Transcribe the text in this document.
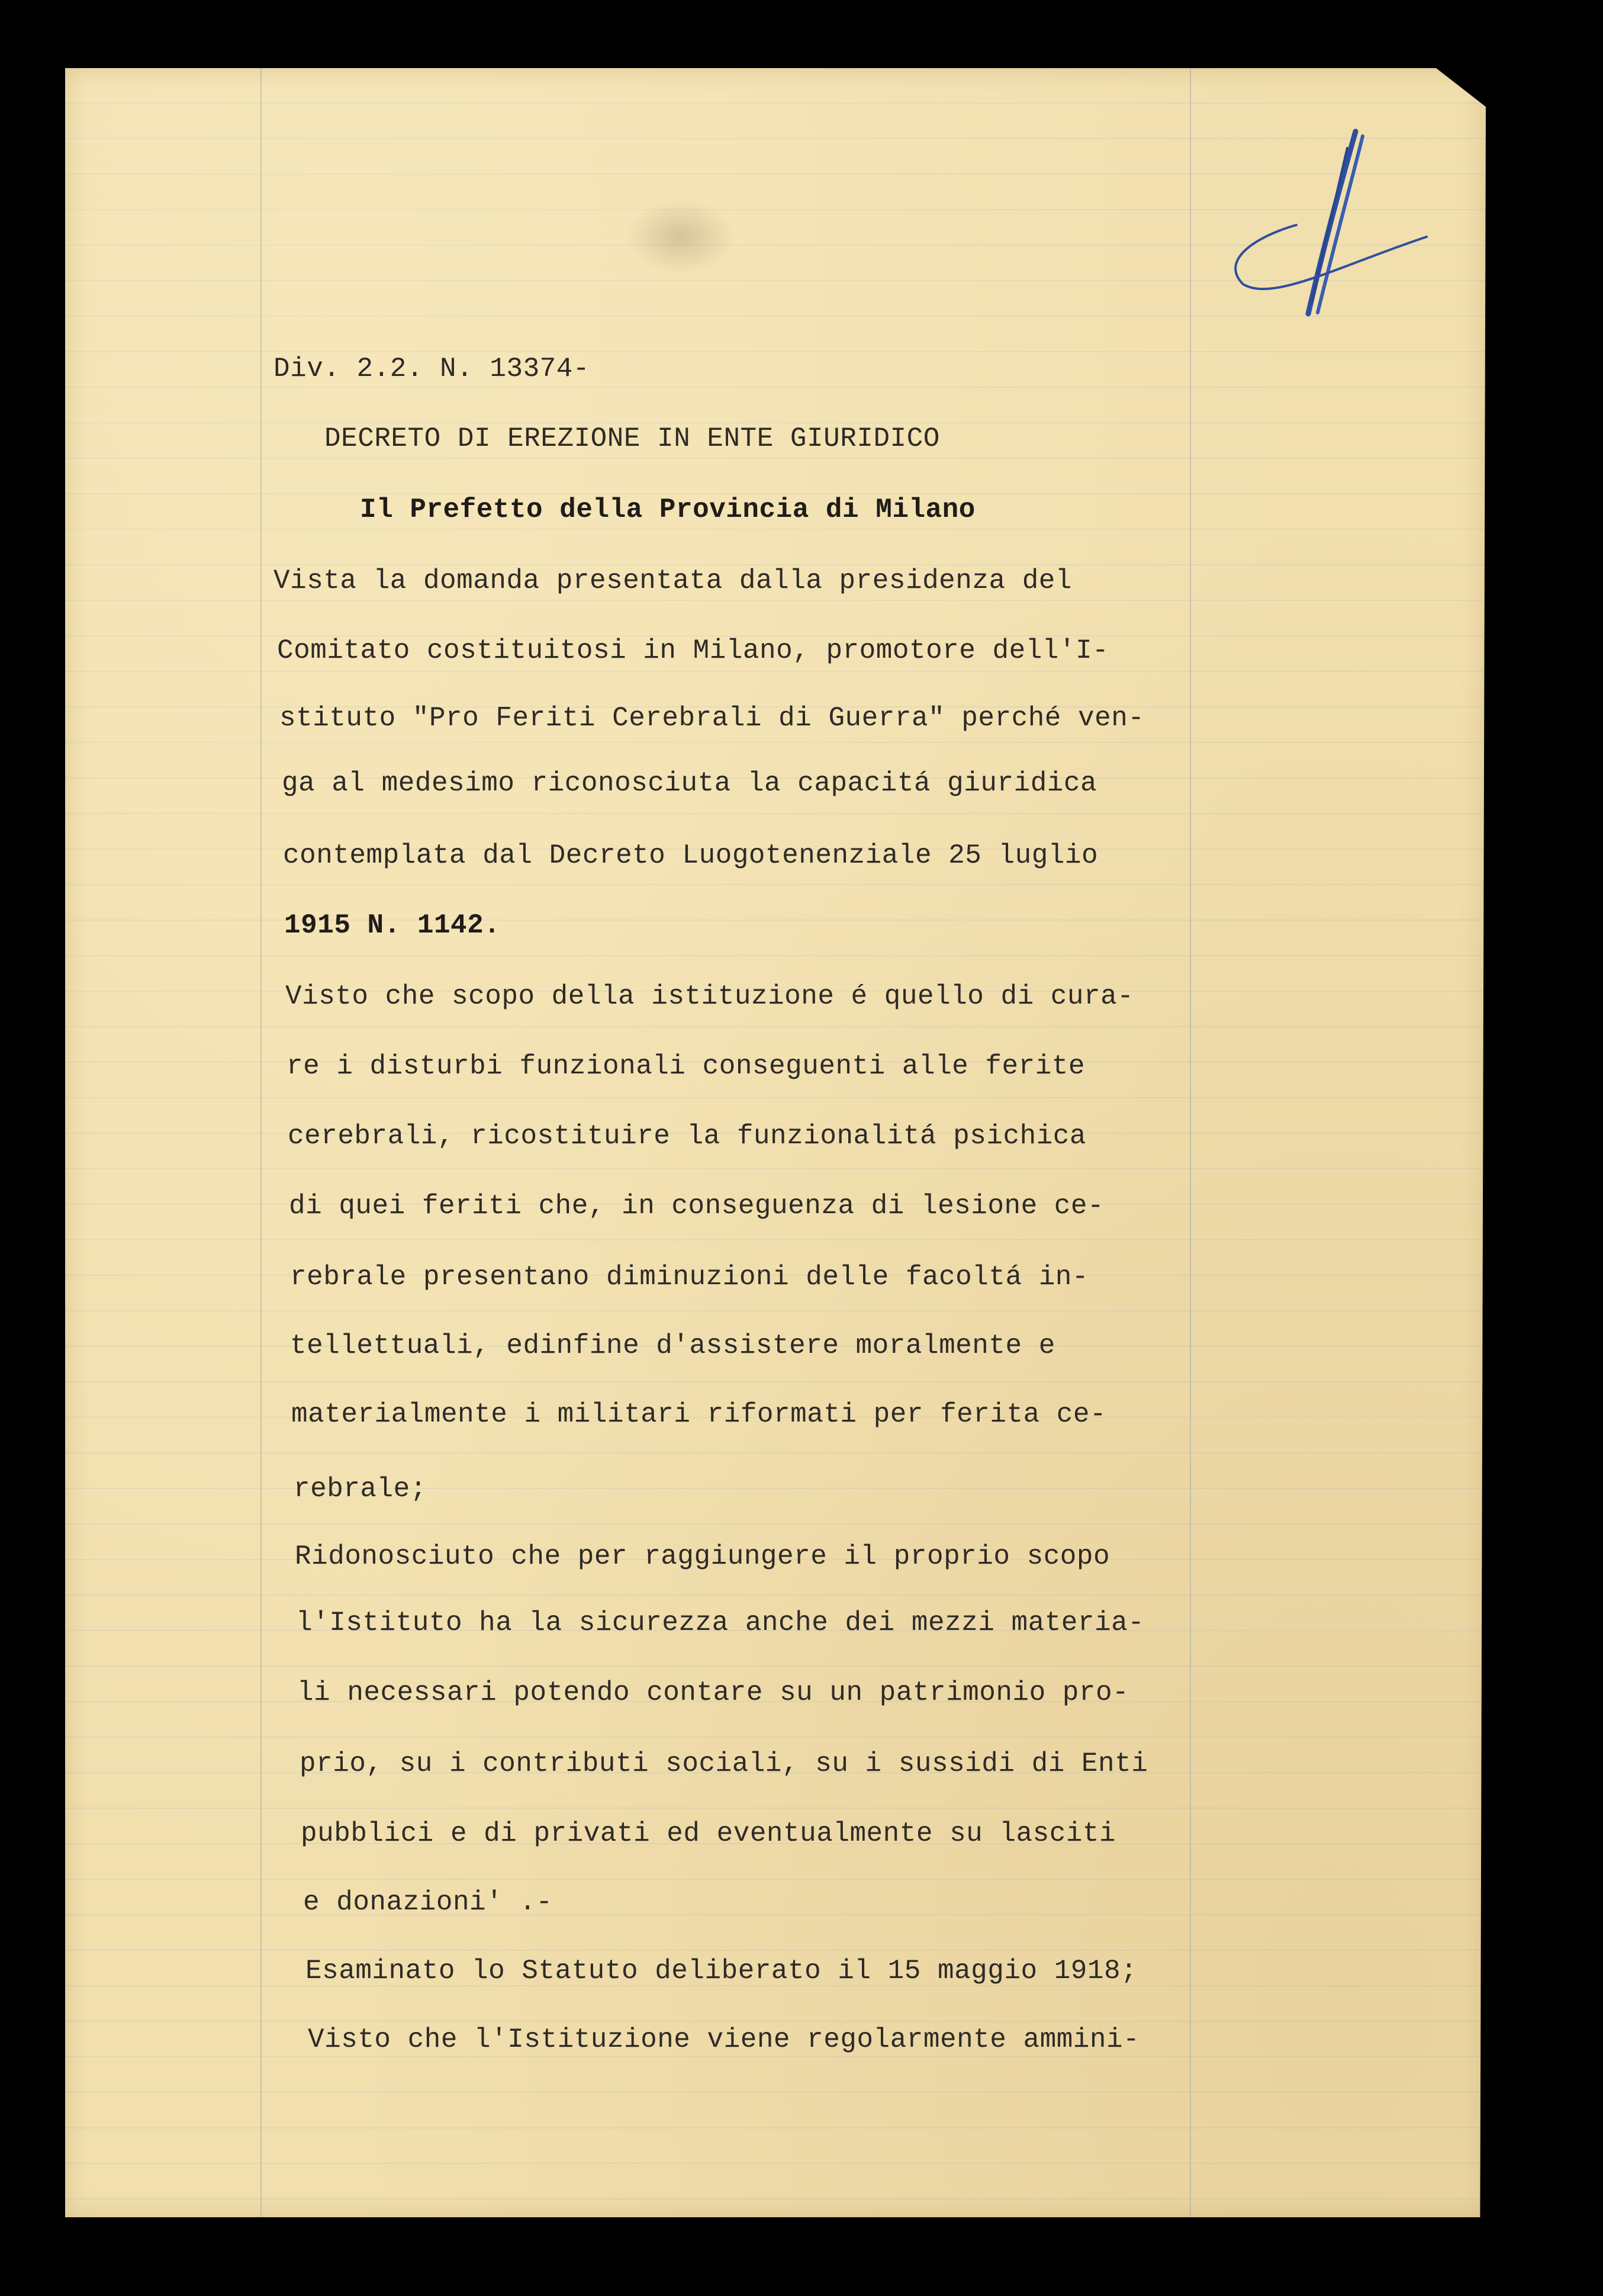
Div. 2.2. N. 13374-

DECRETO DI EREZIONE IN ENTE GIURIDICO

Il Prefetto della Provincia di Milano

Vista la domanda presentata dalla presidenza del

Comitato costituitosi in Milano, promotore dell'I-

stituto "Pro Feriti Cerebrali di Guerra" perché ven-

ga al medesimo riconosciuta la capacitá giuridica

contemplata dal Decreto Luogotenenziale 25 luglio

1915 N. 1142.

Visto che scopo della istituzione é quello di cura-

re i disturbi funzionali conseguenti alle ferite

cerebrali, ricostituire la funzionalitá psichica

di quei feriti che, in conseguenza di lesione ce-

rebrale presentano diminuzioni delle facoltá in-

tellettuali, edinfine d'assistere moralmente e

materialmente i militari riformati per ferita ce-

rebrale;

Ridonosciuto che per raggiungere il proprio scopo

l'Istituto ha la sicurezza anche dei mezzi materia-

li necessari potendo contare su un patrimonio pro-

prio, su i contributi sociali, su i sussidi di Enti

pubblici e di privati ed eventualmente su lasciti

e donazioni' .-

Esaminato lo Statuto deliberato il 15 maggio 1918;

Visto che l'Istituzione viene regolarmente ammini-
